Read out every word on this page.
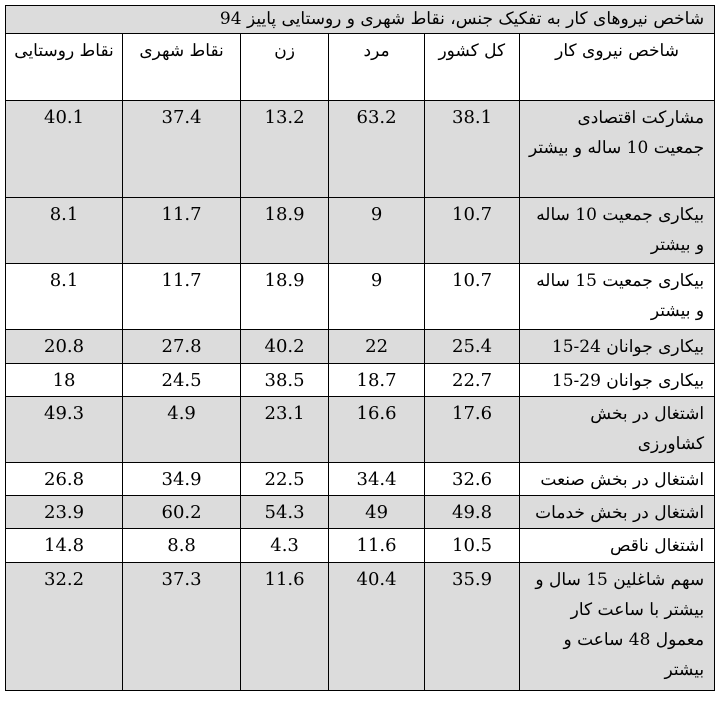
شاخص نیروهای کار به تفکیک جنس، نقاط شهری و روستایی پاییز 94					
شاخص نیروی کار	کل کشور	مرد	زن	نقاط شهری	نقاط روستایی
مشارکت اقتصادی جمعیت 10 ساله و بیشتر	38.1	63.2	13.2	37.4	40.1
بیکاری جمعیت 10 ساله و بیشتر	10.7	9	18.9	11.7	8.1
بیکاری جمعیت 15 ساله و بیشتر	10.7	9	18.9	11.7	8.1
بیکاری جوانان 24-15	25.4	22	40.2	27.8	20.8
بیکاری جوانان 29-15	22.7	18.7	38.5	24.5	18
اشتغال در بخش کشاورزی	17.6	16.6	23.1	4.9	49.3
اشتغال در بخش صنعت	32.6	34.4	22.5	34.9	26.8
اشتغال در بخش خدمات	49.8	49	54.3	60.2	23.9
اشتغال ناقص	10.5	11.6	4.3	8.8	14.8
سهم شاغلین 15 سال و بیشتر با ساعت کار معمول 48 ساعت و بیشتر	35.9	40.4	11.6	37.3	32.2
